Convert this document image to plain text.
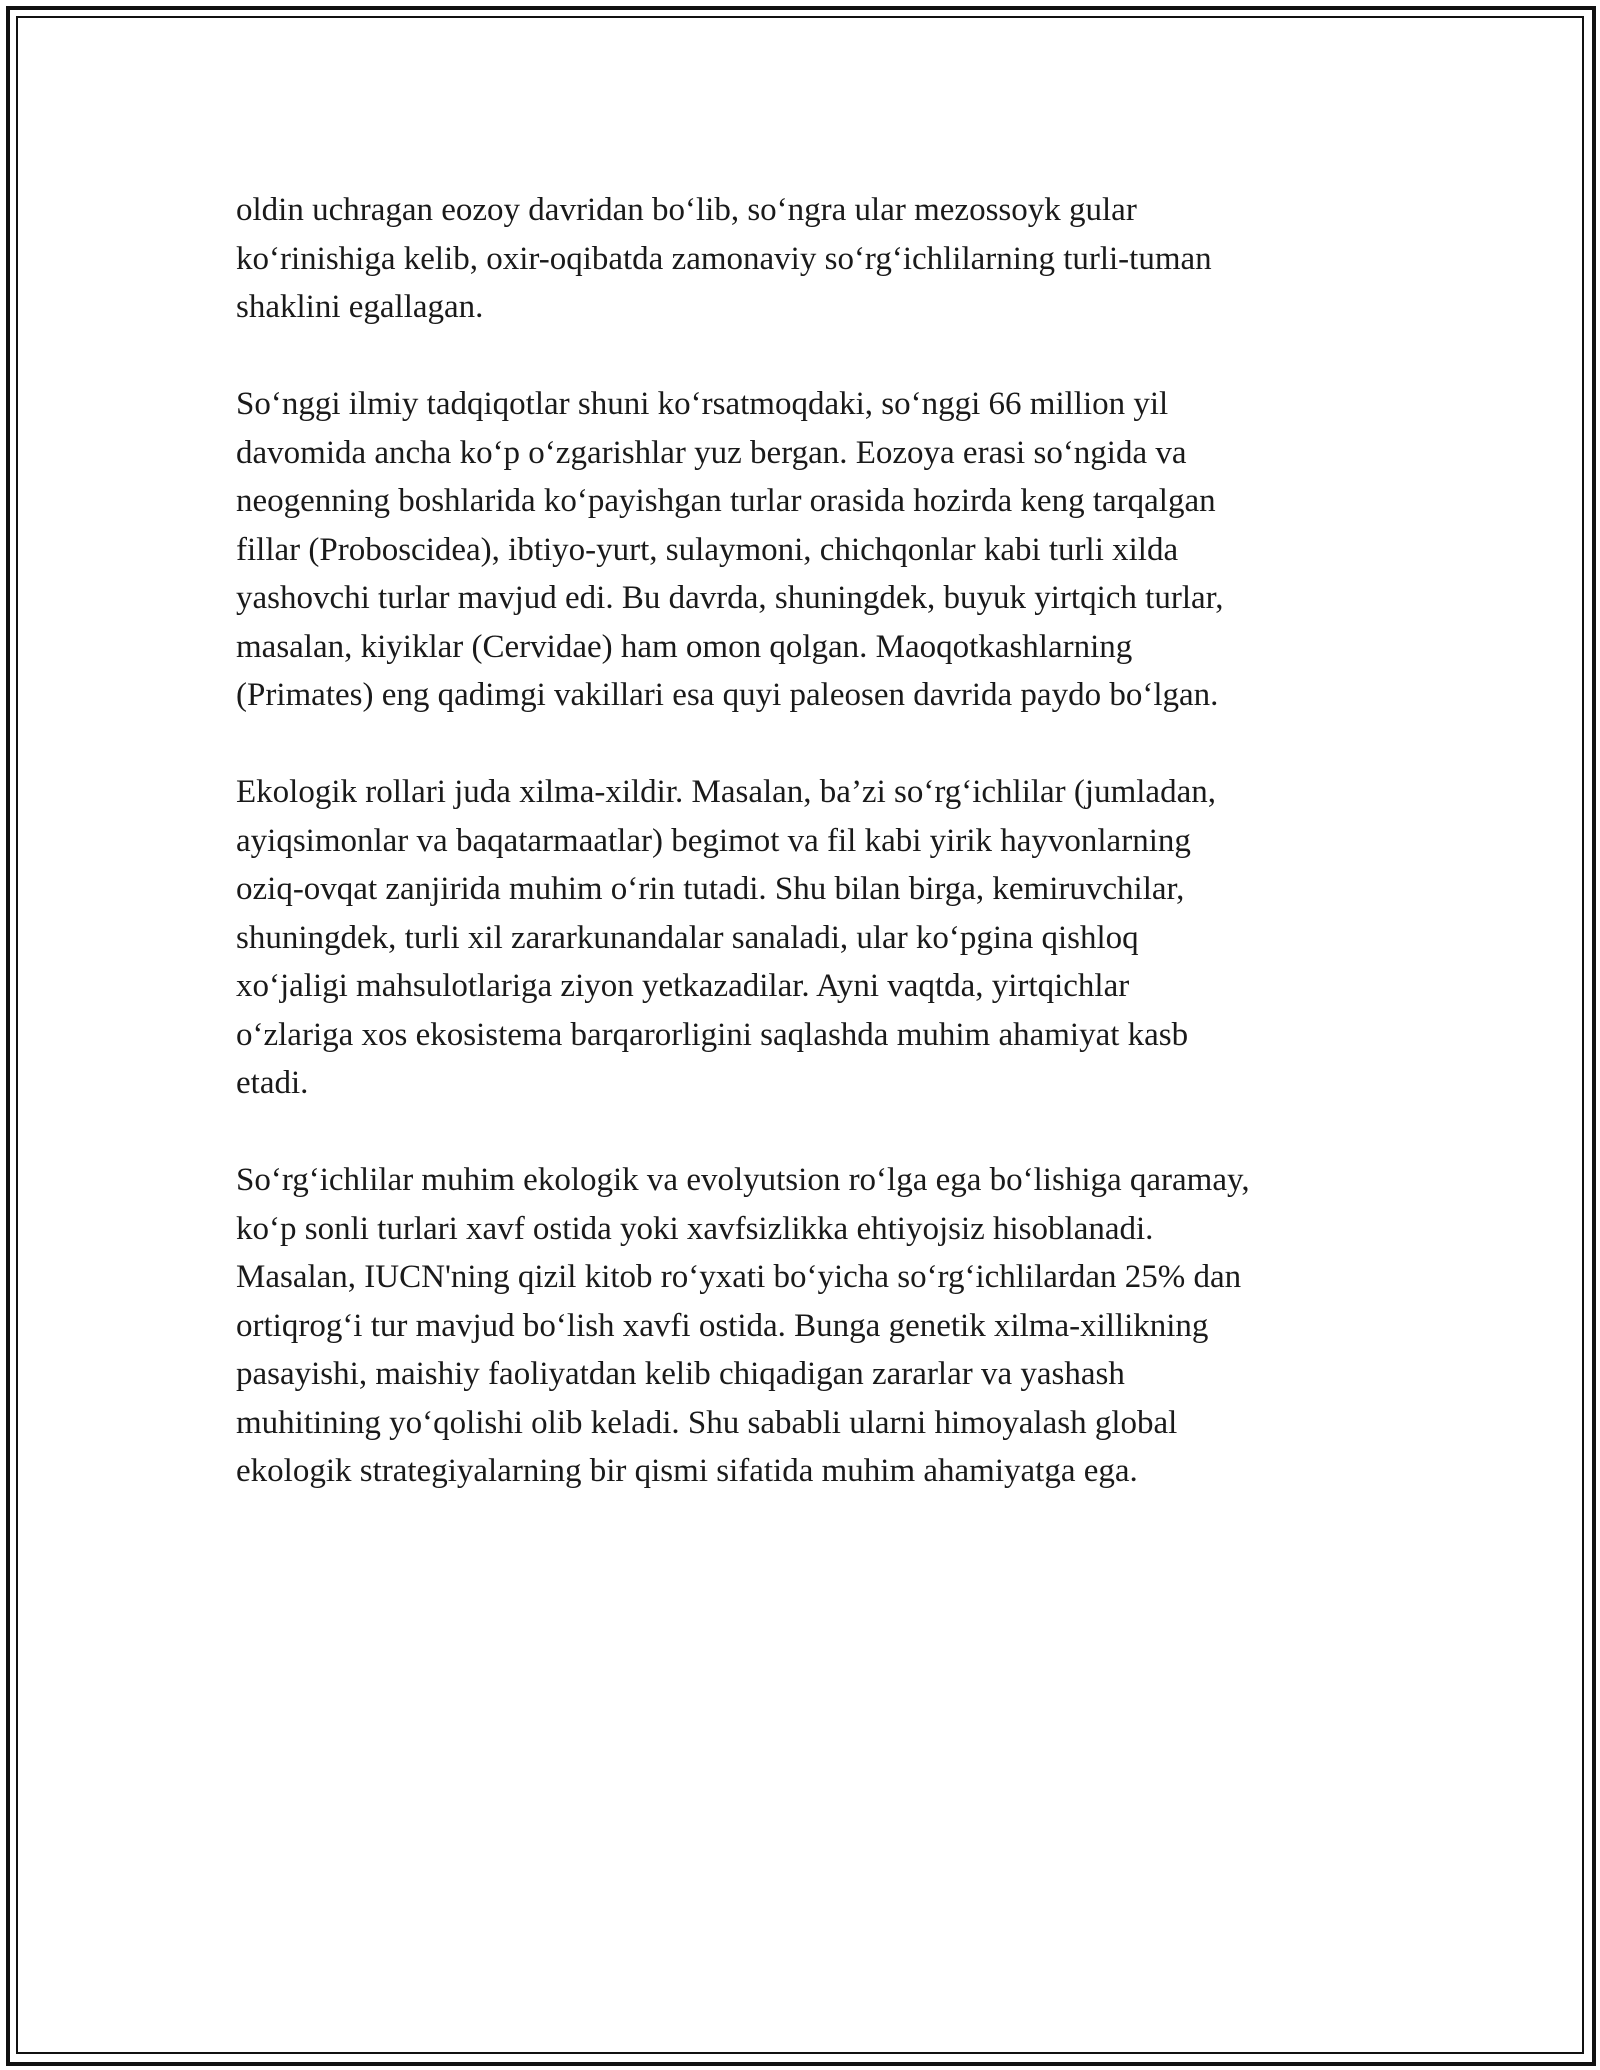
oldin uchragan eozoy davridan bo‘lib, so‘ngra ular mezossoyk gular
ko‘rinishiga kelib, oxir-oqibatda zamonaviy so‘rg‘ichlilarning turli-tuman
shaklini egallagan.

So‘nggi ilmiy tadqiqotlar shuni ko‘rsatmoqdaki, so‘nggi 66 million yil
davomida ancha ko‘p o‘zgarishlar yuz bergan. Eozoya erasi so‘ngida va
neogenning boshlarida ko‘payishgan turlar orasida hozirda keng tarqalgan
fillar (Proboscidea), ibtiyo-yurt, sulaymoni, chichqonlar kabi turli xilda
yashovchi turlar mavjud edi. Bu davrda, shuningdek, buyuk yirtqich turlar,
masalan, kiyiklar (Cervidae) ham omon qolgan. Maoqotkashlarning
(Primates) eng qadimgi vakillari esa quyi paleosen davrida paydo bo‘lgan.

Ekologik rollari juda xilma-xildir. Masalan, ba’zi so‘rg‘ichlilar (jumladan,
ayiqsimonlar va baqatarmaatlar) begimot va fil kabi yirik hayvonlarning
oziq-ovqat zanjirida muhim o‘rin tutadi. Shu bilan birga, kemiruvchilar,
shuningdek, turli xil zararkunandalar sanaladi, ular ko‘pgina qishloq
xo‘jaligi mahsulotlariga ziyon yetkazadilar. Ayni vaqtda, yirtqichlar
o‘zlariga xos ekosistema barqarorligini saqlashda muhim ahamiyat kasb
etadi.

So‘rg‘ichlilar muhim ekologik va evolyutsion ro‘lga ega bo‘lishiga qaramay,
ko‘p sonli turlari xavf ostida yoki xavfsizlikka ehtiyojsiz hisoblanadi.
Masalan, IUCN'ning qizil kitob ro‘yxati bo‘yicha so‘rg‘ichlilardan 25% dan
ortiqrog‘i tur mavjud bo‘lish xavfi ostida. Bunga genetik xilma-xillikning
pasayishi, maishiy faoliyatdan kelib chiqadigan zararlar va yashash
muhitining yo‘qolishi olib keladi. Shu sababli ularni himoyalash global
ekologik strategiyalarning bir qismi sifatida muhim ahamiyatga ega.
